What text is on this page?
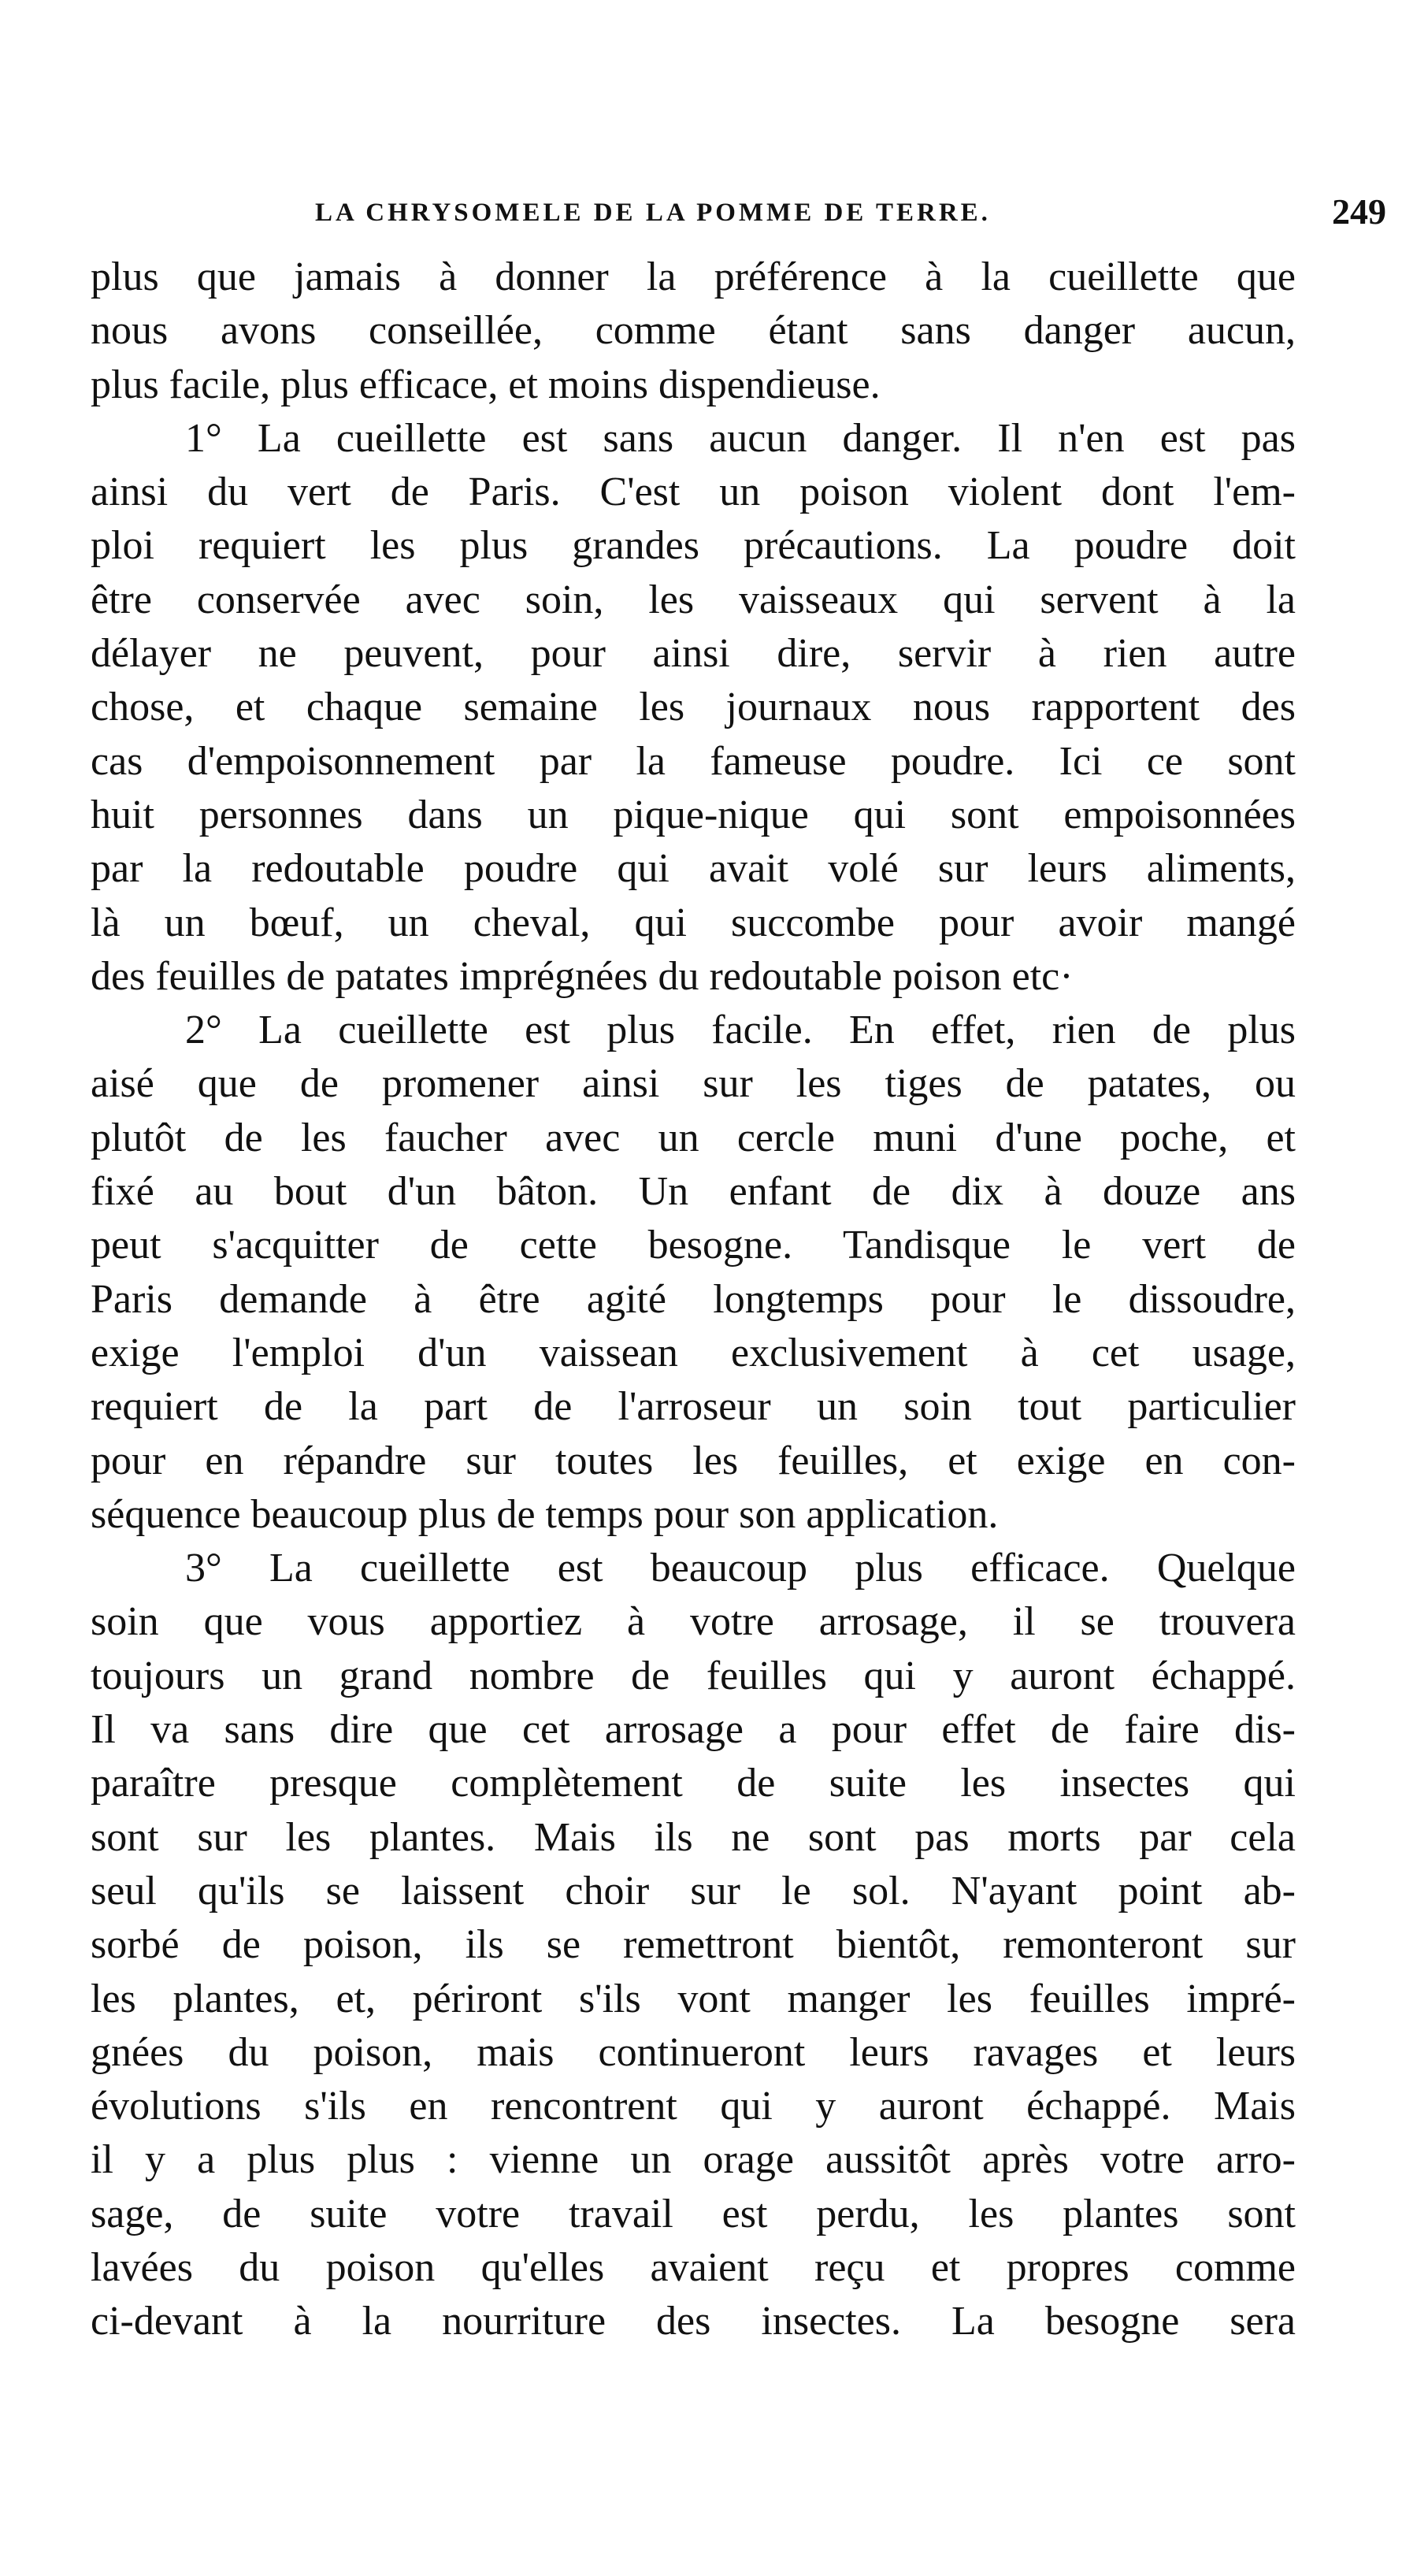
LA CHRYSOMELE DE LA POMME DE TERRE.	249
plus que jamais à donner la préférence à la cueillette que
nous avons conseillée, comme étant sans danger aucun,
plus facile, plus efficace, et moins dispendieuse.
1° La cueillette est sans aucun danger. Il n'en est pas
ainsi du vert de Paris. C'est un poison violent dont l'em-
ploi requiert les plus grandes précautions. La poudre doit
être conservée avec soin, les vaisseaux qui servent à la
délayer ne peuvent, pour ainsi dire, servir à rien autre
chose, et chaque semaine les journaux nous rapportent des
cas d'empoisonnement par la fameuse poudre. Ici ce sont
huit personnes dans un pique-nique qui sont empoisonnées
par la redoutable poudre qui avait volé sur leurs aliments,
là un bœuf, un cheval, qui succombe pour avoir mangé
des feuilles de patates imprégnées du redoutable poison etc·
2° La cueillette est plus facile. En effet, rien de plus
aisé que de promener ainsi sur les tiges de patates, ou
plutôt de les faucher avec un cercle muni d'une poche, et
fixé au bout d'un bâton. Un enfant de dix à douze ans
peut s'acquitter de cette besogne. Tandisque le vert de
Paris demande à être agité longtemps pour le dissoudre,
exige l'emploi d'un vaissean exclusivement à cet usage,
requiert de la part de l'arroseur un soin tout particulier
pour en répandre sur toutes les feuilles, et exige en con-
séquence beaucoup plus de temps pour son application.
3° La cueillette est beaucoup plus efficace. Quelque
soin que vous apportiez à votre arrosage, il se trouvera
toujours un grand nombre de feuilles qui y auront échappé.
Il va sans dire que cet arrosage a pour effet de faire dis-
paraître presque complètement de suite les insectes qui
sont sur les plantes. Mais ils ne sont pas morts par cela
seul qu'ils se laissent choir sur le sol. N'ayant point ab-
sorbé de poison, ils se remettront bientôt, remonteront sur
les plantes, et, périront s'ils vont manger les feuilles impré-
gnées du poison, mais continueront leurs ravages et leurs
évolutions s'ils en rencontrent qui y auront échappé. Mais
il y a plus plus : vienne un orage aussitôt après votre arro-
sage, de suite votre travail est perdu, les plantes sont
lavées du poison qu'elles avaient reçu et propres comme
ci-devant à la nourriture des insectes. La besogne sera
